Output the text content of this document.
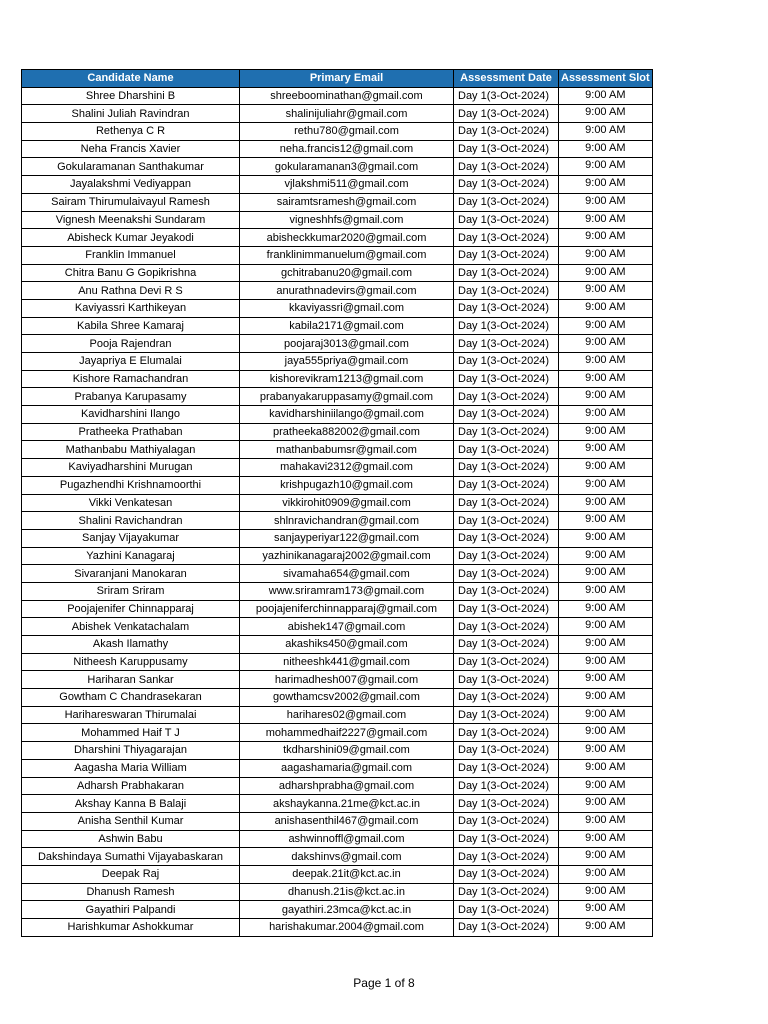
Candidate Name	Primary Email	Assessment Date	Assessment Slot
Shree Dharshini B	shreeboominathan@gmail.com	Day 1(3-Oct-2024)	9:00 AM
Shalini Juliah Ravindran	shalinijuliahr@gmail.com	Day 1(3-Oct-2024)	9:00 AM
Rethenya C R	rethu780@gmail.com	Day 1(3-Oct-2024)	9:00 AM
Neha Francis Xavier	neha.francis12@gmail.com	Day 1(3-Oct-2024)	9:00 AM
Gokularamanan Santhakumar	gokularamanan3@gmail.com	Day 1(3-Oct-2024)	9:00 AM
Jayalakshmi Vediyappan	vjlakshmi511@gmail.com	Day 1(3-Oct-2024)	9:00 AM
Sairam Thirumulaivayul Ramesh	sairamtsramesh@gmail.com	Day 1(3-Oct-2024)	9:00 AM
Vignesh Meenakshi Sundaram	vigneshhfs@gmail.com	Day 1(3-Oct-2024)	9:00 AM
Abisheck Kumar Jeyakodi	abisheckkumar2020@gmail.com	Day 1(3-Oct-2024)	9:00 AM
Franklin Immanuel	franklinimmanuelum@gmail.com	Day 1(3-Oct-2024)	9:00 AM
Chitra Banu G Gopikrishna	gchitrabanu20@gmail.com	Day 1(3-Oct-2024)	9:00 AM
Anu Rathna Devi R S	anurathnadevirs@gmail.com	Day 1(3-Oct-2024)	9:00 AM
Kaviyassri Karthikeyan	kkaviyassri@gmail.com	Day 1(3-Oct-2024)	9:00 AM
Kabila Shree Kamaraj	kabila2171@gmail.com	Day 1(3-Oct-2024)	9:00 AM
Pooja Rajendran	poojaraj3013@gmail.com	Day 1(3-Oct-2024)	9:00 AM
Jayapriya E Elumalai	jaya555priya@gmail.com	Day 1(3-Oct-2024)	9:00 AM
Kishore Ramachandran	kishorevikram1213@gmail.com	Day 1(3-Oct-2024)	9:00 AM
Prabanya Karupasamy	prabanyakaruppasamy@gmail.com	Day 1(3-Oct-2024)	9:00 AM
Kavidharshini Ilango	kavidharshiniilango@gmail.com	Day 1(3-Oct-2024)	9:00 AM
Pratheeka Prathaban	pratheeka882002@gmail.com	Day 1(3-Oct-2024)	9:00 AM
Mathanbabu Mathiyalagan	mathanbabumsr@gmail.com	Day 1(3-Oct-2024)	9:00 AM
Kaviyadharshini Murugan	mahakavi2312@gmail.com	Day 1(3-Oct-2024)	9:00 AM
Pugazhendhi Krishnamoorthi	krishpugazh10@gmail.com	Day 1(3-Oct-2024)	9:00 AM
Vikki Venkatesan	vikkirohit0909@gmail.com	Day 1(3-Oct-2024)	9:00 AM
Shalini Ravichandran	shlnravichandran@gmail.com	Day 1(3-Oct-2024)	9:00 AM
Sanjay Vijayakumar	sanjayperiyar122@gmail.com	Day 1(3-Oct-2024)	9:00 AM
Yazhini Kanagaraj	yazhinikanagaraj2002@gmail.com	Day 1(3-Oct-2024)	9:00 AM
Sivaranjani Manokaran	sivamaha654@gmail.com	Day 1(3-Oct-2024)	9:00 AM
Sriram Sriram	www.sriramram173@gmail.com	Day 1(3-Oct-2024)	9:00 AM
Poojajenifer Chinnapparaj	poojajeniferchinnapparaj@gmail.com	Day 1(3-Oct-2024)	9:00 AM
Abishek Venkatachalam	abishek147@gmail.com	Day 1(3-Oct-2024)	9:00 AM
Akash Ilamathy	akashiks450@gmail.com	Day 1(3-Oct-2024)	9:00 AM
Nitheesh Karuppusamy	nitheeshk441@gmail.com	Day 1(3-Oct-2024)	9:00 AM
Hariharan Sankar	harimadhesh007@gmail.com	Day 1(3-Oct-2024)	9:00 AM
Gowtham C Chandrasekaran	gowthamcsv2002@gmail.com	Day 1(3-Oct-2024)	9:00 AM
Harihareswaran Thirumalai	harihares02@gmail.com	Day 1(3-Oct-2024)	9:00 AM
Mohammed Haif T J	mohammedhaif2227@gmail.com	Day 1(3-Oct-2024)	9:00 AM
Dharshini Thiyagarajan	tkdharshini09@gmail.com	Day 1(3-Oct-2024)	9:00 AM
Aagasha Maria William	aagashamaria@gmail.com	Day 1(3-Oct-2024)	9:00 AM
Adharsh Prabhakaran	adharshprabha@gmail.com	Day 1(3-Oct-2024)	9:00 AM
Akshay Kanna B Balaji	akshaykanna.21me@kct.ac.in	Day 1(3-Oct-2024)	9:00 AM
Anisha Senthil Kumar	anishasenthil467@gmail.com	Day 1(3-Oct-2024)	9:00 AM
Ashwin Babu	ashwinnoffl@gmail.com	Day 1(3-Oct-2024)	9:00 AM
Dakshindaya Sumathi Vijayabaskaran	dakshinvs@gmail.com	Day 1(3-Oct-2024)	9:00 AM
Deepak Raj	deepak.21it@kct.ac.in	Day 1(3-Oct-2024)	9:00 AM
Dhanush Ramesh	dhanush.21is@kct.ac.in	Day 1(3-Oct-2024)	9:00 AM
Gayathiri Palpandi	gayathiri.23mca@kct.ac.in	Day 1(3-Oct-2024)	9:00 AM
Harishkumar Ashokkumar	harishakumar.2004@gmail.com	Day 1(3-Oct-2024)	9:00 AM
Page 1 of 8
